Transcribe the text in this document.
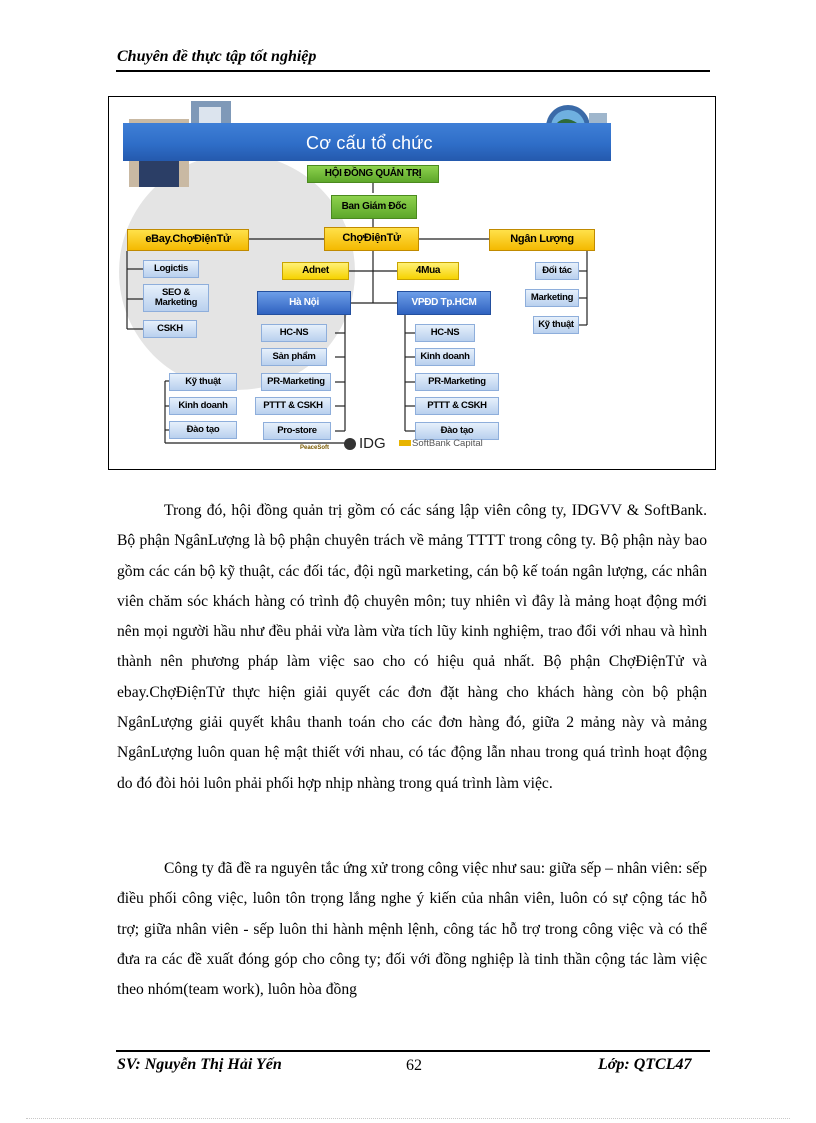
Chuyên đề thực tập tốt nghiệp
Cơ cấu tổ chức
HỘI ĐỒNG QUẢN TRỊ
Ban Giám Đốc
ChợĐiệnTử
eBay.ChợĐiệnTử	Ngân Lượng
Logictis
SEO &
Marketing
CSKH
Đối tác
Marketing
Kỹ thuật
Adnet	4Mua
Hà Nội	VPĐD Tp.HCM
HC-NS
Sản phẩm
PR-Marketing
PTTT & CSKH
Pro-store
HC-NS
Kinh doanh
PR-Marketing
PTTT & CSKH
Đào tạo
Kỹ thuật
Kinh doanh
Đào tạo
PeaceSoft IDG	SoftBank Capital

Trong đó, hội đồng quản trị gồm có các sáng lập viên công ty, IDGVV & SoftBank. Bộ phận NgânLượng là bộ phận chuyên trách về mảng TTTT trong công ty. Bộ phận này bao gồm các cán bộ kỹ thuật, các đối tác, đội ngũ marketing, cán bộ kế toán ngân lượng, các nhân viên chăm sóc khách hàng có trình độ chuyên môn; tuy nhiên vì đây là mảng hoạt động mới nên mọi người hầu như đều phải vừa làm vừa tích lũy kinh nghiệm, trao đổi với nhau và hình thành nên phương pháp làm việc sao cho có hiệu quả nhất. Bộ phận ChợĐiệnTử và ebay.ChợĐiệnTử thực hiện giải quyết các đơn đặt hàng cho khách hàng còn bộ phận NgânLượng giải quyết khâu thanh toán cho các đơn hàng đó, giữa 2 mảng này và mảng NgânLượng luôn quan hệ mật thiết với nhau, có tác động lẫn nhau trong quá trình hoạt động do đó đòi hỏi luôn phải phối hợp nhịp nhàng trong quá trình làm việc.

Công ty đã đề ra nguyên tắc ứng xử trong công việc như sau: giữa sếp – nhân viên: sếp điều phối công việc, luôn tôn trọng lắng nghe ý kiến của nhân viên, luôn có sự cộng tác hỗ trợ; giữa nhân viên - sếp luôn thi hành mệnh lệnh, công tác hỗ trợ trong công việc và có thể đưa ra các đề xuất đóng góp cho công ty; đối với đồng nghiệp là tinh thần cộng tác làm việc theo nhóm(team work), luôn hòa đồng

SV: Nguyễn Thị Hải Yến	62	Lớp: QTCL47
